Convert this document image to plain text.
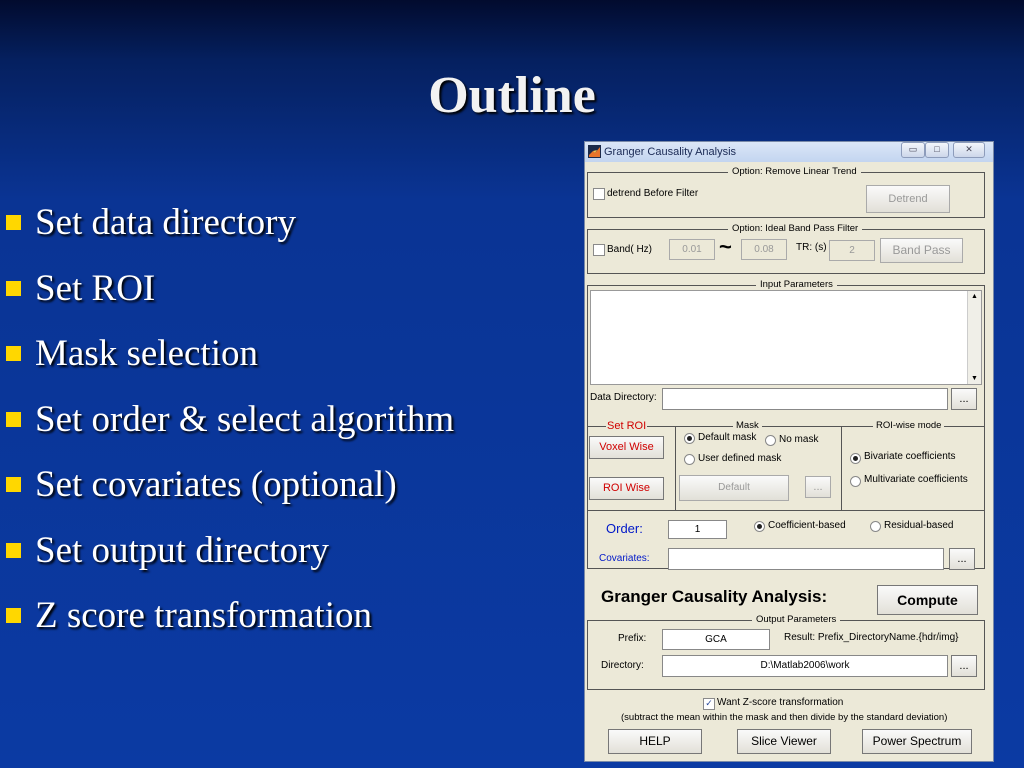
Outline
Set data directory
Set ROI
Mask selection
Set order & select algorithm
Set covariates (optional)
Set output directory
Z score transformation
Granger Causality Analysis	▭	□	✕
Option: Remove Linear Trend
detrend Before Filter	Detrend
Option: Ideal Band Pass Filter
Band( Hz)	0.01 ~	0.08	TR: (s)	2	Band Pass
Input Parameters
▲
▼
Data Directory:	...
Set ROI
Voxel Wise
ROI Wise
Mask
Default mask No mask
User defined mask
Default	...
ROI-wise mode
Bivariate coefficients
Multivariate coefficients
Order:	1	Coefficient-based	Residual-based
Covariates:	...
Granger Causality Analysis:	Compute
Output Parameters
Prefix:	GCA	Result: Prefix_DirectoryName.{hdr/img}
Directory:	D:\Matlab2006\work	...
✓ Want Z-score transformation
(subtract the mean within the mask and then divide by the standard deviation)
HELP	Slice Viewer	Power Spectrum
